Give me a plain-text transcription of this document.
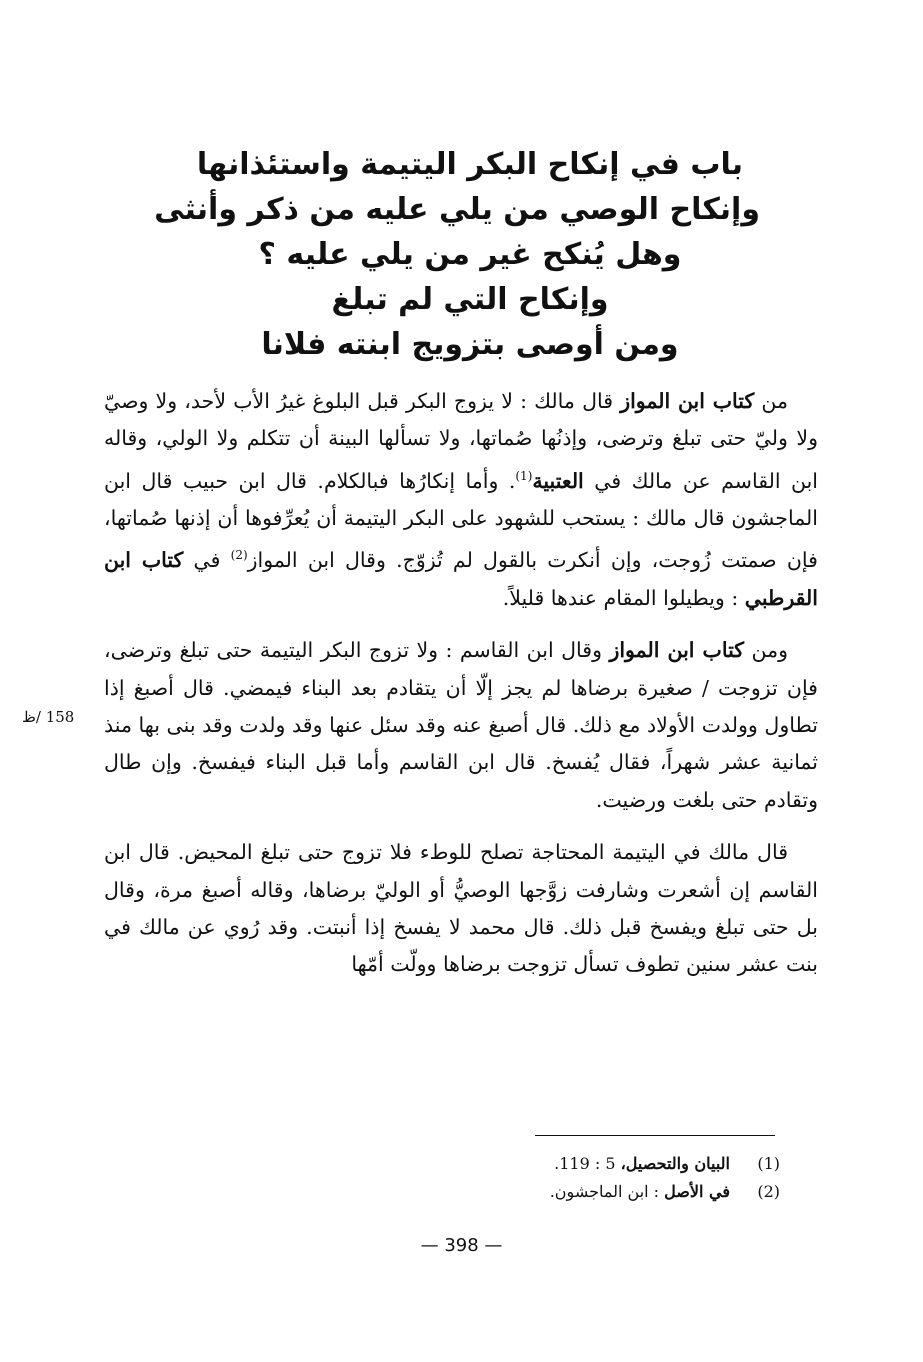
باب في إنكاح البكر اليتيمة واستئذانها
وإنكاح الوصي من يلي عليه من ذكر وأنثى
وهل يُنكح غير من يلي عليه ؟
وإنكاح التي لم تبلغ
ومن أوصى بتزويج ابنته فلانا

من كتاب ابن المواز قال مالك : لا يزوج البكر قبل البلوغ غيرُ الأب لأحد، ولا وصيّ ولا وليّ حتى تبلغ وترضى، وإذنُها صُماتها، ولا تسألها البينة أن تتكلم ولا الولي، وقاله ابن القاسم عن مالك في العتبية$^{(1)}$. وأما إنكارُها فبالكلام. قال ابن حبيب قال ابن الماجشون قال مالك : يستحب للشهود على البكر اليتيمة أن يُعرِّفوها أن إذنها صُماتها، فإن صمتت زُوجت، وإن أنكرت بالقول لم تُزوّج. وقال ابن المواز$^{(2)}$ في كتاب ابن القرطبي : ويطيلوا المقام عندها قليلاً.

ومن كتاب ابن المواز وقال ابن القاسم : ولا تزوج البكر اليتيمة حتى تبلغ وترضى، فإن تزوجت / صغيرة برضاها لم يجز إلّا أن يتقادم بعد البناء فيمضي. قال أصبغ إذا تطاول وولدت الأولاد مع ذلك. قال أصبغ عنه وقد سئل عنها وقد ولدت وقد بنى بها منذ ثمانية عشر شهراً، فقال يُفسخ. قال ابن القاسم وأما قبل البناء فيفسخ. وإن طال وتقادم حتى بلغت ورضيت.

قال مالك في اليتيمة المحتاجة تصلح للوطء فلا تزوج حتى تبلغ المحيض. قال ابن القاسم إن أشعرت وشارفت زوَّجها الوصيُّ أو الوليّ برضاها، وقاله أصبغ مرة، وقال بل حتى تبلغ ويفسخ قبل ذلك. قال محمد لا يفسخ إذا أنبتت. وقد رُوي عن مالك في بنت عشر سنين تطوف تسأل تزوجت برضاها وولّت أمّها

158 /ظ
(1)
البيان والتحصيل، 5 : 119.
(2)
في الأصل : ابن الماجشون.
— 398 —
